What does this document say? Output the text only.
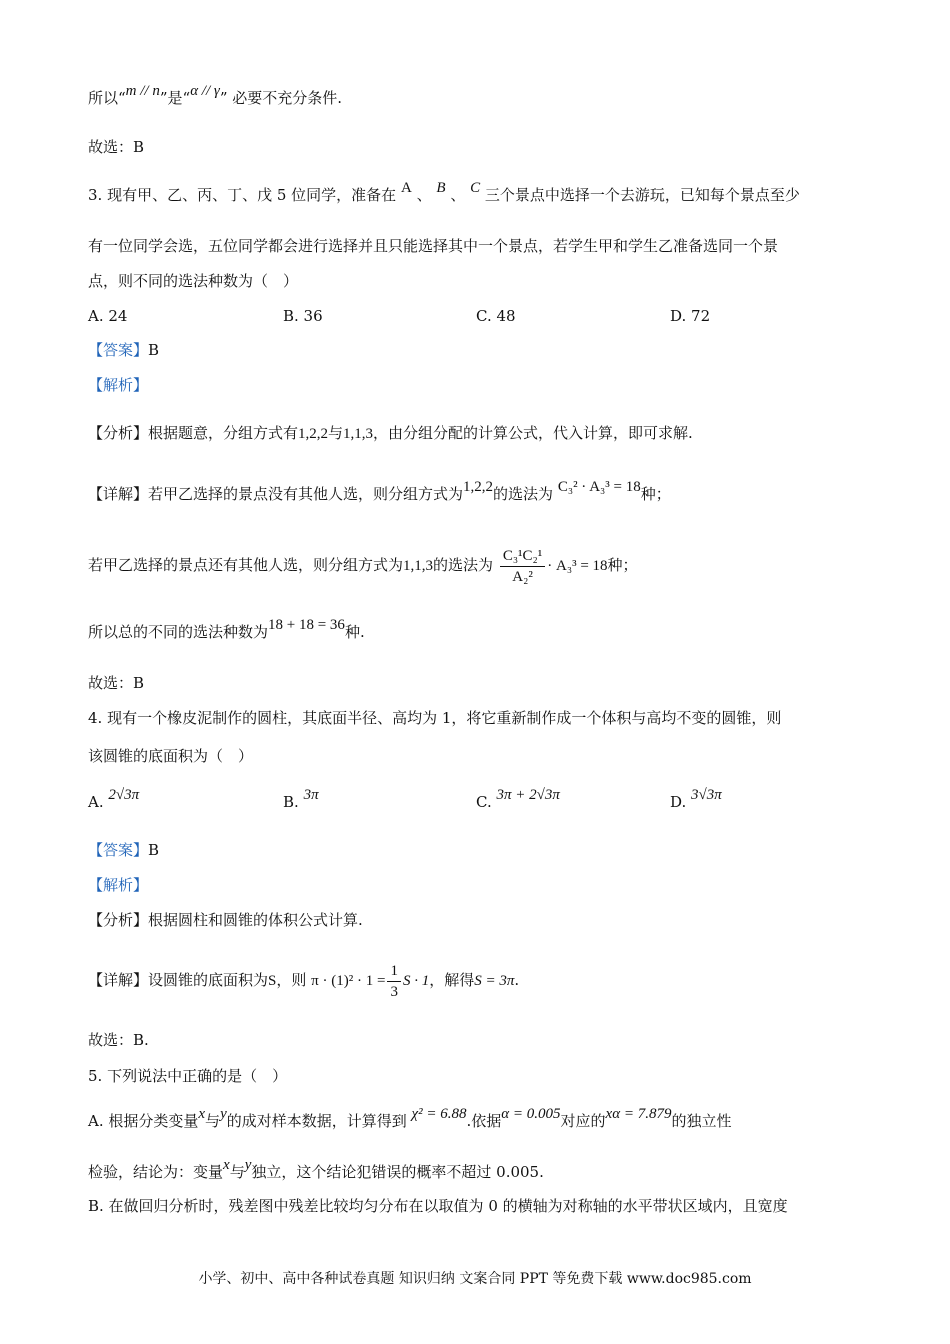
所以“m // n”是“α // γ” 必要不充分条件.
故选：B
3. 现有甲、乙、丙、丁、戊 5 位同学，准备在 A 、 B 、 C 三个景点中选择一个去游玩，已知每个景点至少
有一位同学会选，五位同学都会进行选择并且只能选择其中一个景点，若学生甲和学生乙准备选同一个景
点，则不同的选法种数为（　）
A. 24	B. 36	C. 48	D. 72
【答案】B
【解析】
【分析】根据题意，分组方式有1,2,2与1,1,3，由分组分配的计算公式，代入计算，即可求解.
【详解】若甲乙选择的景点没有其他人选，则分组方式为1,2,2的选法为 C₃² · A₃³ = 18种；
若甲乙选择的景点还有其他人选，则分组方式为1,1,3的选法为 $\frac{\text{C₃¹C₂¹}}{\text{A₂²}} \cdot A_3^3 = 18$种；
所以总的不同的选法种数为18 + 18 = 36种.
故选：B
4. 现有一个橡皮泥制作的圆柱，其底面半径、高均为 1，将它重新制作成一个体积与高均不变的圆锥，则
该圆锥的底面积为（　）
A. 2√3π	B. 3π	C. 3π + 2√3π	D. 3√3π
【答案】B
【解析】
【分析】根据圆柱和圆锥的体积公式计算.
【详解】设圆锥的底面积为S，则 $\pi \cdot (1)^2 \cdot 1 = \frac{1}{3}$ S · 1，解得S = 3π.
故选：B.
5. 下列说法中正确的是（　）
A. 根据分类变量x与y的成对样本数据，计算得到 χ² = 6.88.依据α = 0.005对应的xα = 7.879的独立性
检验，结论为：变量x与y独立，这个结论犯错误的概率不超过 0.005.
B. 在做回归分析时，残差图中残差比较均匀分布在以取值为 0 的横轴为对称轴的水平带状区域内，且宽度
小学、初中、高中各种试卷真题 知识归纳 文案合同 PPT 等免费下载 www.doc985.com
